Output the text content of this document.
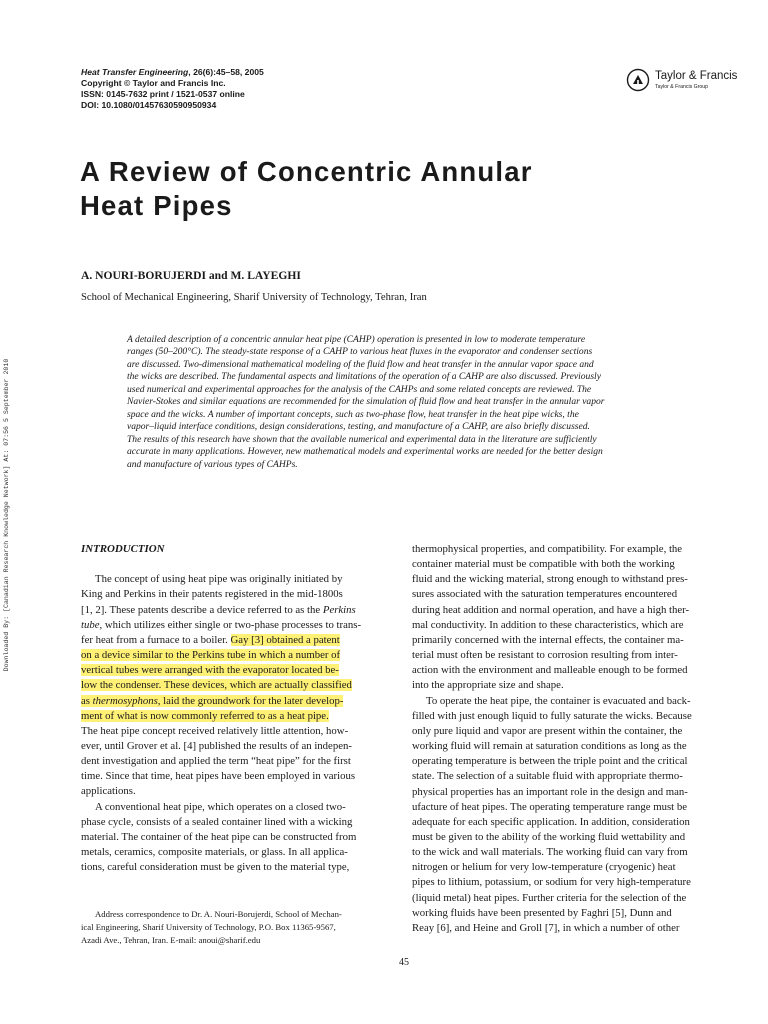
Heat Transfer Engineering, 26(6):45–58, 2005
Copyright © Taylor and Francis Inc.
ISSN: 0145-7632 print / 1521-0537 online
DOI: 10.1080/01457630590950934
Taylor & Francis
Taylor & Francis Group
A Review of Concentric Annular
Heat Pipes
A. NOURI-BORUJERDI and M. LAYEGHI
School of Mechanical Engineering, Sharif University of Technology, Tehran, Iran
Downloaded By: [Canadian Research Knowledge Network] At: 07:56 5 September 2010
A detailed description of a concentric annular heat pipe (CAHP) operation is presented in low to moderate temperature
ranges (50–200°C). The steady-state response of a CAHP to various heat fluxes in the evaporator and condenser sections
are discussed. Two-dimensional mathematical modeling of the fluid flow and heat transfer in the annular vapor space and
the wicks are described. The fundamental aspects and limitations of the operation of a CAHP are also discussed. Previously
used numerical and experimental approaches for the analysis of the CAHPs and some related concepts are reviewed. The
Navier-Stokes and similar equations are recommended for the simulation of fluid flow and heat transfer in the annular vapor
space and the wicks. A number of important concepts, such as two-phase flow, heat transfer in the heat pipe wicks, the
vapor–liquid interface conditions, design considerations, testing, and manufacture of a CAHP, are also briefly discussed.
The results of this research have shown that the available numerical and experimental data in the literature are sufficiently
accurate in many applications. However, new mathematical models and experimental works are needed for the better design
and manufacture of various types of CAHPs.
INTRODUCTION
The concept of using heat pipe was originally initiated by
King and Perkins in their patents registered in the mid-1800s
[1, 2]. These patents describe a device referred to as the Perkins
tube, which utilizes either single or two-phase processes to trans-
fer heat from a furnace to a boiler. Gay [3] obtained a patent
on a device similar to the Perkins tube in which a number of
vertical tubes were arranged with the evaporator located be-
low the condenser. These devices, which are actually classified
as thermosyphons, laid the groundwork for the later develop-
ment of what is now commonly referred to as a heat pipe.
The heat pipe concept received relatively little attention, how-
ever, until Grover et al. [4] published the results of an indepen-
dent investigation and applied the term “heat pipe” for the first
time. Since that time, heat pipes have been employed in various
applications.
A conventional heat pipe, which operates on a closed two-
phase cycle, consists of a sealed container lined with a wicking
material. The container of the heat pipe can be constructed from
metals, ceramics, composite materials, or glass. In all applica-
tions, careful consideration must be given to the material type,
Address correspondence to Dr. A. Nouri-Borujerdi, School of Mechan-
ical Engineering, Sharif University of Technology, P.O. Box 11365-9567,
Azadi Ave., Tehran, Iran. E-mail: anoui@sharif.edu
thermophysical properties, and compatibility. For example, the
container material must be compatible with both the working
fluid and the wicking material, strong enough to withstand pres-
sures associated with the saturation temperatures encountered
during heat addition and normal operation, and have a high ther-
mal conductivity. In addition to these characteristics, which are
primarily concerned with the internal effects, the container ma-
terial must often be resistant to corrosion resulting from inter-
action with the environment and malleable enough to be formed
into the appropriate size and shape.
To operate the heat pipe, the container is evacuated and back-
filled with just enough liquid to fully saturate the wicks. Because
only pure liquid and vapor are present within the container, the
working fluid will remain at saturation conditions as long as the
operating temperature is between the triple point and the critical
state. The selection of a suitable fluid with appropriate thermo-
physical properties has an important role in the design and man-
ufacture of heat pipes. The operating temperature range must be
adequate for each specific application. In addition, consideration
must be given to the ability of the working fluid wettability and
to the wick and wall materials. The working fluid can vary from
nitrogen or helium for very low-temperature (cryogenic) heat
pipes to lithium, potassium, or sodium for very high-temperature
(liquid metal) heat pipes. Further criteria for the selection of the
working fluids have been presented by Faghri [5], Dunn and
Reay [6], and Heine and Groll [7], in which a number of other
45
